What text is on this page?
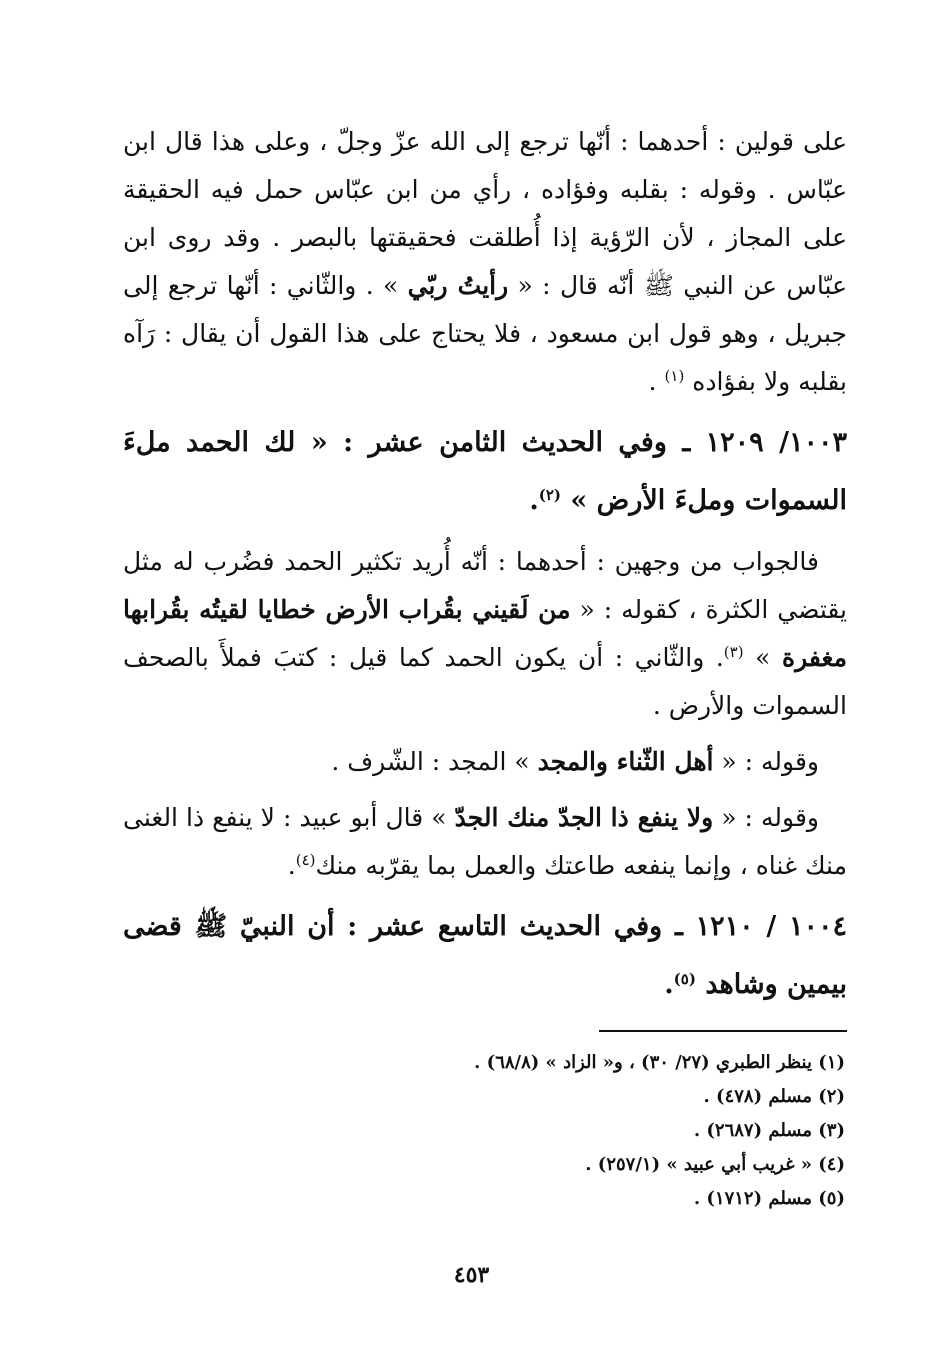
على قولين : أحدهما : أنّها ترجع إلى الله عزّ وجلّ ، وعلى هذا قال ابن عبّاس . وقوله : بقلبه وفؤاده ، رأي من ابن عبّاس حمل فيه الحقيقة على المجاز ، لأن الرّؤية إذا أُطلقت فحقيقتها بالبصر . وقد روى ابن عبّاس عن النبي ﷺ أنّه قال : « رأيتُ ربّي » . والثّاني : أنّها ترجع إلى جبريل ، وهو قول ابن مسعود ، فلا يحتاج على هذا القول أن يقال : رَآه بقلبه ولا بفؤاده $^{(١)}$ .

١٠٠٣/ ١٢٠٩ ـ وفي الحديث الثامن عشر : « لك الحمد ملءَ السموات وملءَ الأرض » $^{(٢)}$.

فالجواب من وجهين : أحدهما : أنّه أُريد تكثير الحمد فضُرب له مثل يقتضي الكثرة ، كقوله : « من لَقيني بقُراب الأرض خطايا لقيتُه بقُرابها مغفرة » $^{(٣)}$. والثّاني : أن يكون الحمد كما قيل : كتبَ فملأَ بالصحف السموات والأرض .

وقوله : « أهل الثّناء والمجد » المجد : الشّرف .

وقوله : « ولا ينفع ذا الجدّ منك الجدّ » قال أبو عبيد : لا ينفع ذا الغنى منك غناه ، وإنما ينفعه طاعتك والعمل بما يقرّبه منك$^{(٤)}$.

١٠٠٤ / ١٢١٠ ـ وفي الحديث التاسع عشر : أن النبيّ ﷺ قضى بيمين وشاهد $^{(٥)}$.

(١) ينظر الطبري (٢٧/ ٣٠) ، و« الزاد » (٦٨/٨) .

(٢) مسلم (٤٧٨) .

(٣) مسلم (٢٦٨٧) .

(٤) « غريب أبي عبيد » (٢٥٧/١) .

(٥) مسلم (١٧١٢) .

٤٥٣
